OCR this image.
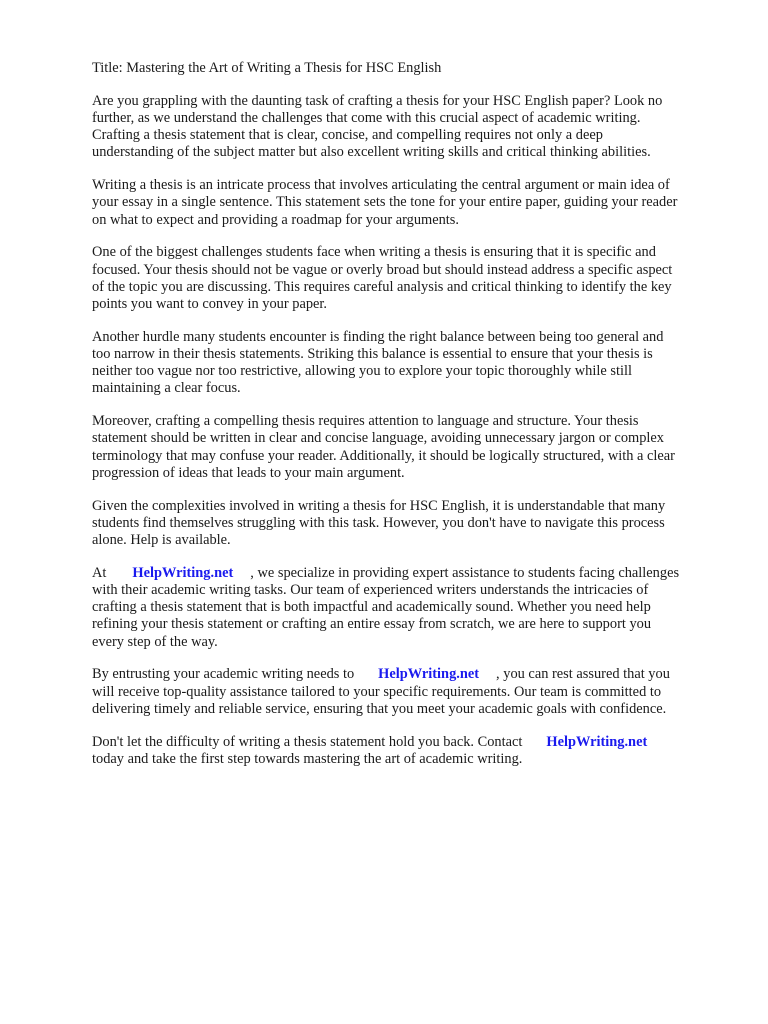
Title: Mastering the Art of Writing a Thesis for HSC English
Are you grappling with the daunting task of crafting a thesis for your HSC English paper? Look no
further, as we understand the challenges that come with this crucial aspect of academic writing.
Crafting a thesis statement that is clear, concise, and compelling requires not only a deep
understanding of the subject matter but also excellent writing skills and critical thinking abilities.
Writing a thesis is an intricate process that involves articulating the central argument or main idea of
your essay in a single sentence. This statement sets the tone for your entire paper, guiding your reader
on what to expect and providing a roadmap for your arguments.
One of the biggest challenges students face when writing a thesis is ensuring that it is specific and
focused. Your thesis should not be vague or overly broad but should instead address a specific aspect
of the topic you are discussing. This requires careful analysis and critical thinking to identify the key
points you want to convey in your paper.
Another hurdle many students encounter is finding the right balance between being too general and
too narrow in their thesis statements. Striking this balance is essential to ensure that your thesis is
neither too vague nor too restrictive, allowing you to explore your topic thoroughly while still
maintaining a clear focus.
Moreover, crafting a compelling thesis requires attention to language and structure. Your thesis
statement should be written in clear and concise language, avoiding unnecessary jargon or complex
terminology that may confuse your reader. Additionally, it should be logically structured, with a clear
progression of ideas that leads to your main argument.
Given the complexities involved in writing a thesis for HSC English, it is understandable that many
students find themselves struggling with this task. However, you don't have to navigate this process
alone. Help is available.
At HelpWriting.net , we specialize in providing expert assistance to students facing challenges
with their academic writing tasks. Our team of experienced writers understands the intricacies of
crafting a thesis statement that is both impactful and academically sound. Whether you need help
refining your thesis statement or crafting an entire essay from scratch, we are here to support you
every step of the way.
By entrusting your academic writing needs to HelpWriting.net , you can rest assured that you
will receive top-quality assistance tailored to your specific requirements. Our team is committed to
delivering timely and reliable service, ensuring that you meet your academic goals with confidence.
Don't let the difficulty of writing a thesis statement hold you back. Contact HelpWriting.net
today and take the first step towards mastering the art of academic writing.
